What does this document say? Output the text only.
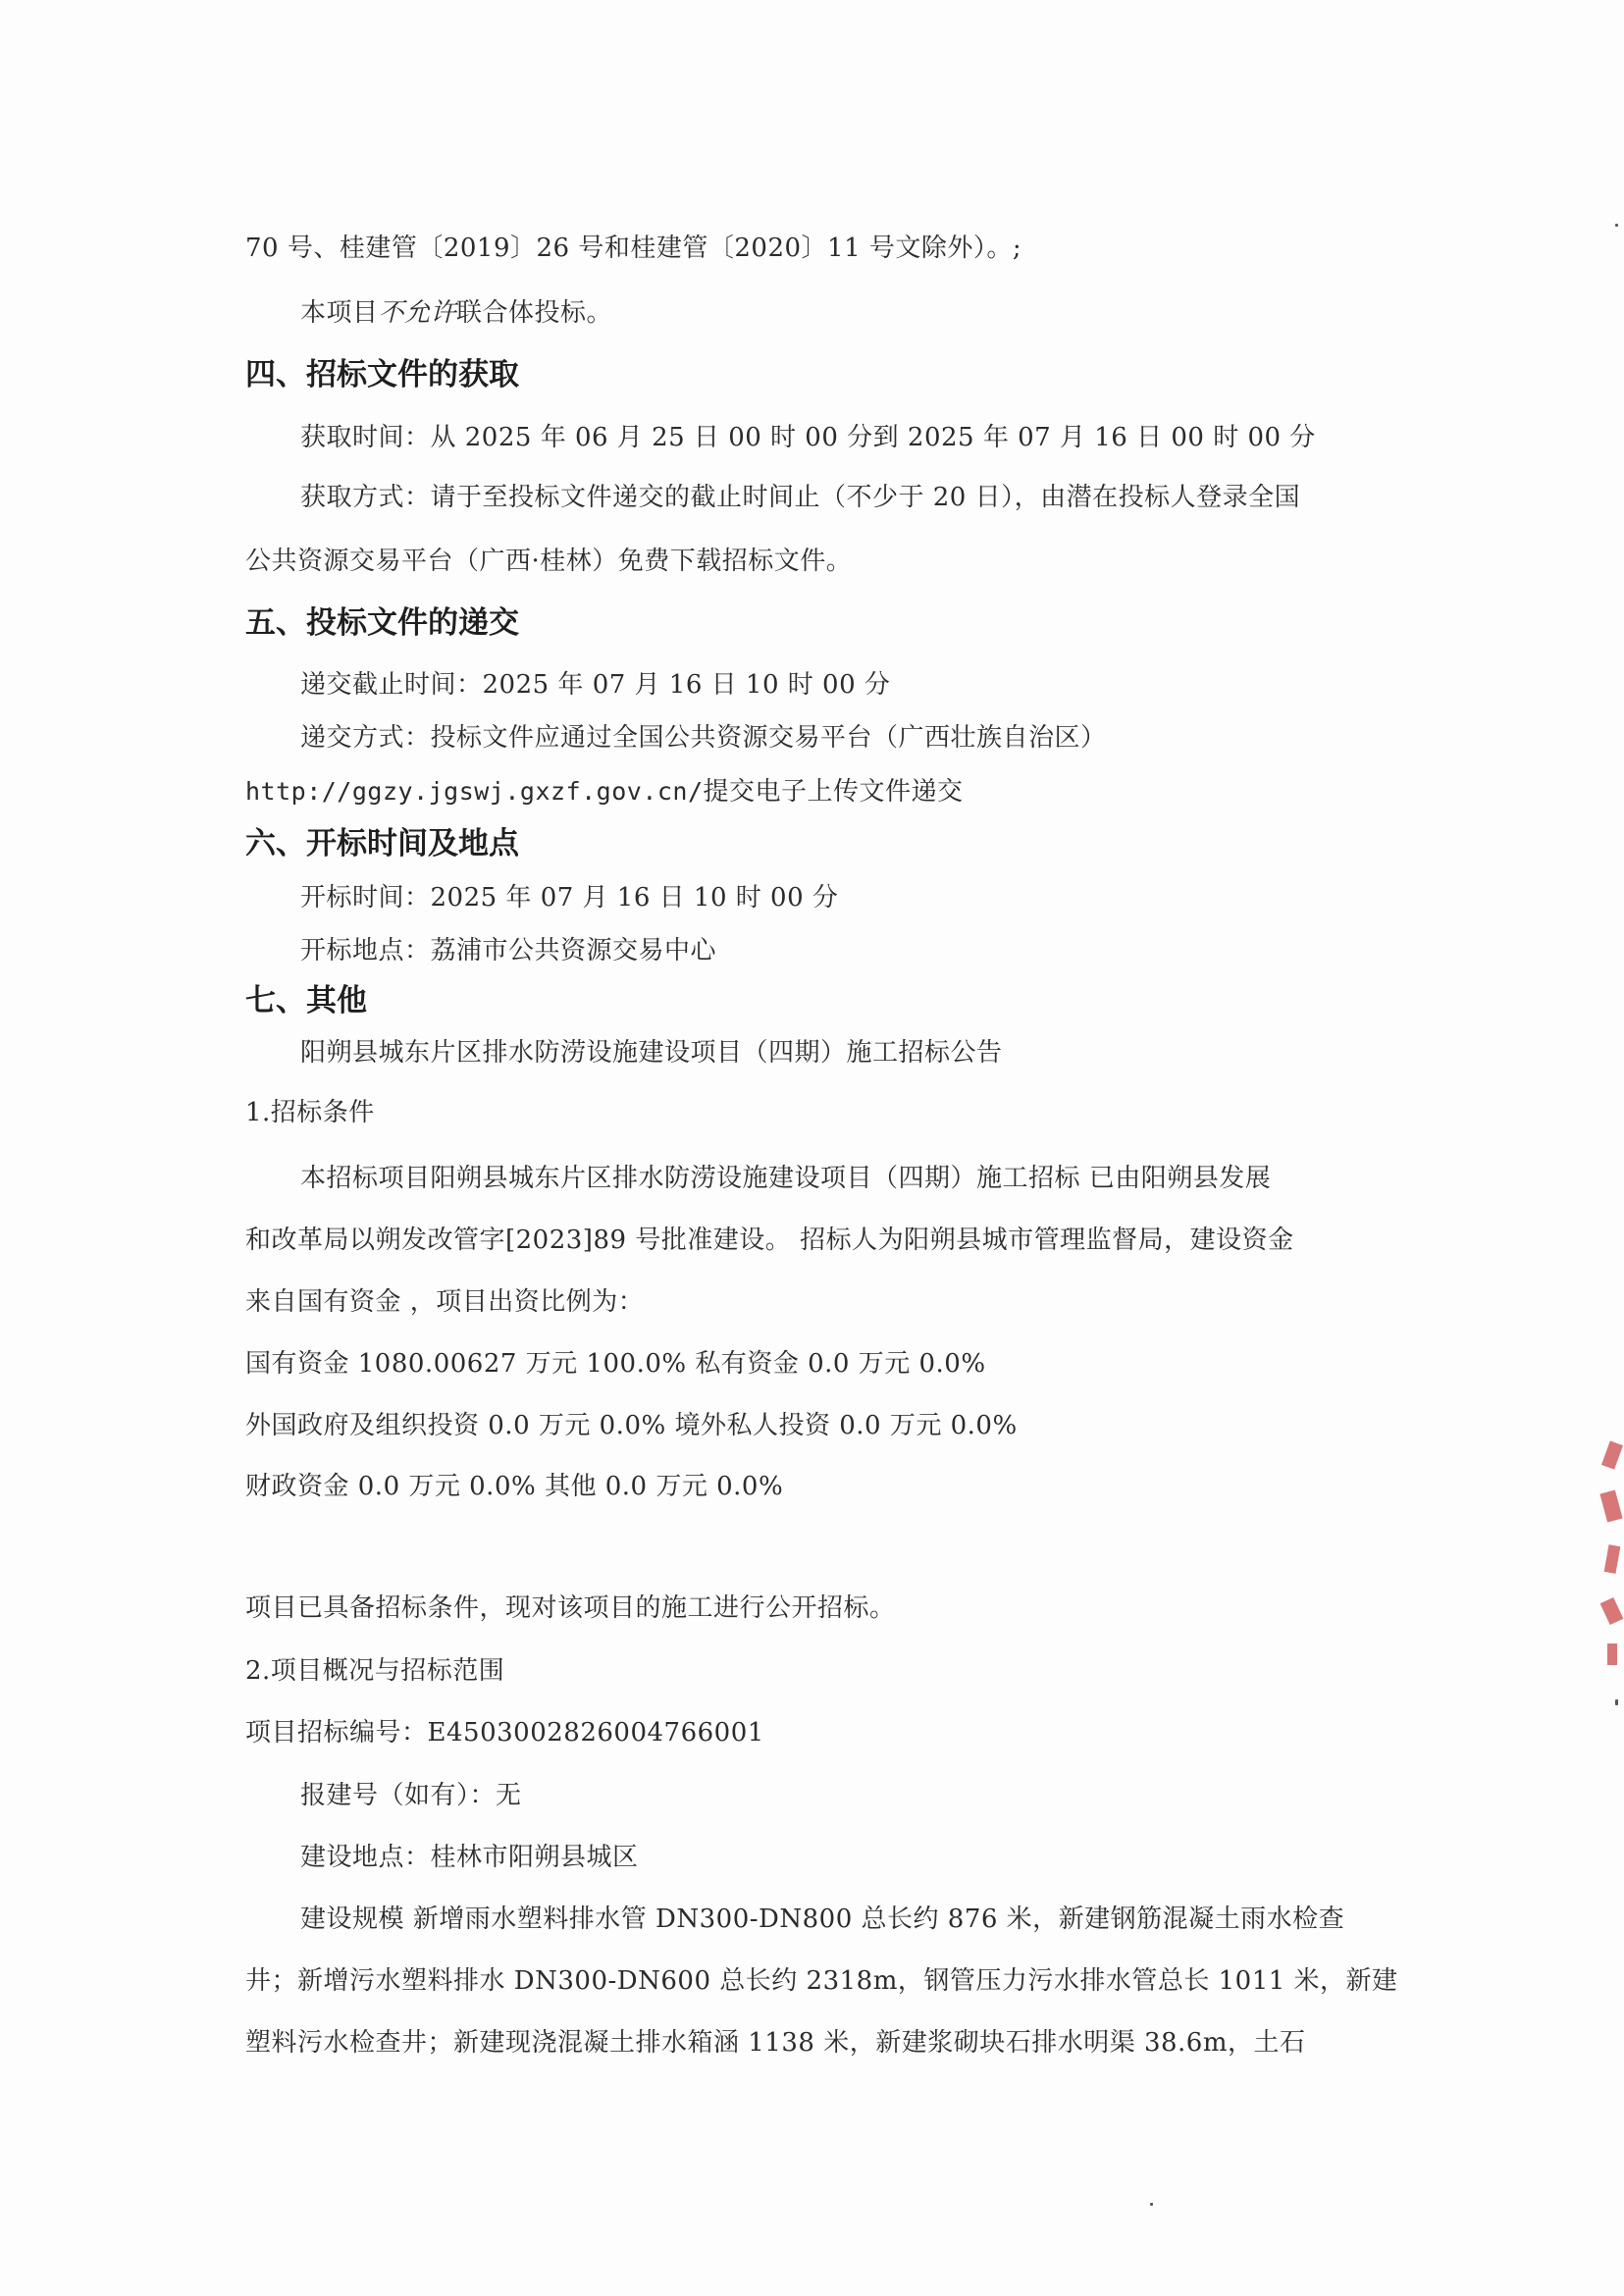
70 号、桂建管〔2019〕26 号和桂建管〔2020〕11 号文除外）。;
本项目不允许联合体投标。
四、招标文件的获取
获取时间：从 2025 年 06 月 25 日 00 时 00 分到 2025 年 07 月 16 日 00 时 00 分
获取方式：请于至投标文件递交的截止时间止（不少于 20 日），由潜在投标人登录全国
公共资源交易平台（广西·桂林）免费下载招标文件。
五、投标文件的递交
递交截止时间：2025 年 07 月 16 日 10 时 00 分
递交方式：投标文件应通过全国公共资源交易平台（广西壮族自治区）
http://ggzy.jgswj.gxzf.gov.cn/提交电子上传文件递交
六、开标时间及地点
开标时间：2025 年 07 月 16 日 10 时 00 分
开标地点：荔浦市公共资源交易中心
七、其他
阳朔县城东片区排水防涝设施建设项目（四期）施工招标公告
1.招标条件
本招标项目阳朔县城东片区排水防涝设施建设项目（四期）施工招标 已由阳朔县发展
和改革局以朔发改管字[2023]89 号批准建设。 招标人为阳朔县城市管理监督局，建设资金
来自国有资金 ，项目出资比例为：
国有资金 1080.00627 万元 100.0% 私有资金 0.0 万元 0.0%
外国政府及组织投资 0.0 万元 0.0% 境外私人投资 0.0 万元 0.0%
财政资金 0.0 万元 0.0% 其他 0.0 万元 0.0%
项目已具备招标条件，现对该项目的施工进行公开招标。
2.项目概况与招标范围
项目招标编号：E4503002826004766001
报建号（如有）：无
建设地点：桂林市阳朔县城区
建设规模 新增雨水塑料排水管 DN300-DN800 总长约 876 米，新建钢筋混凝土雨水检查
井；新增污水塑料排水 DN300-DN600 总长约 2318m，钢管压力污水排水管总长 1011 米，新建
塑料污水检查井；新建现浇混凝土排水箱涵 1138 米，新建浆砌块石排水明渠 38.6m，土石
